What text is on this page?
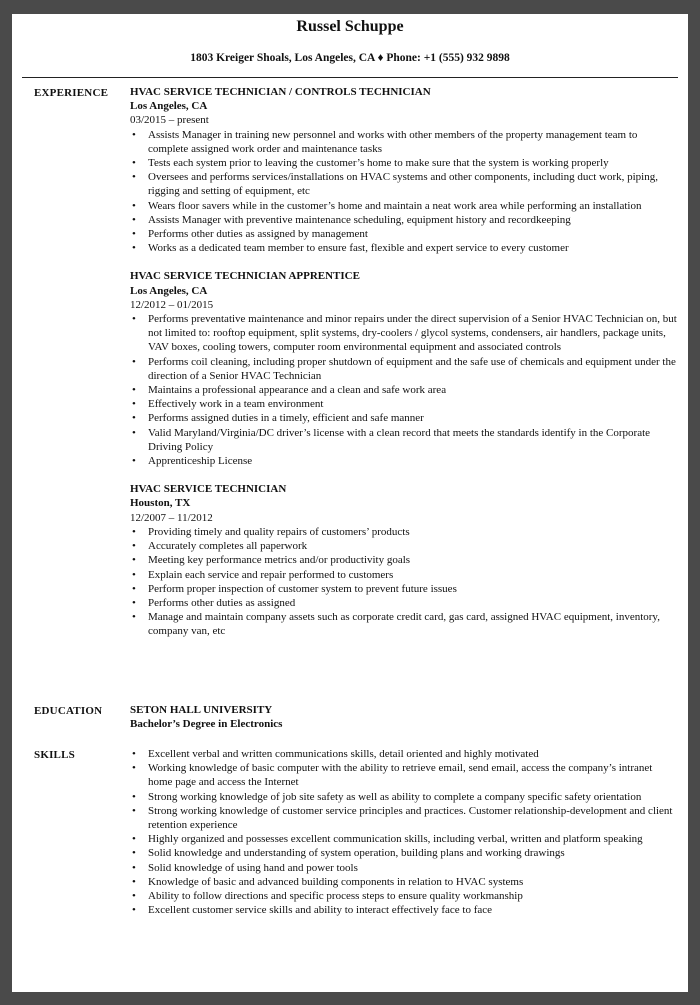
Russel Schuppe
1803 Kreiger Shoals, Los Angeles, CA ♦ Phone: +1 (555) 932 9898
EXPERIENCE HVAC SERVICE TECHNICIAN / CONTROLS TECHNICIAN
Los Angeles, CA
03/2015 – present
• Assists Manager in training new personnel and works with other members of the property management team to complete assigned work order and maintenance tasks
• Tests each system prior to leaving the customer’s home to make sure that the system is working properly
• Oversees and performs services/installations on HVAC systems and other components, including duct work, piping, rigging and setting of equipment, etc
• Wears floor savers while in the customer’s home and maintain a neat work area while performing an installation
• Assists Manager with preventive maintenance scheduling, equipment history and recordkeeping
• Performs other duties as assigned by management
• Works as a dedicated team member to ensure fast, flexible and expert service to every customer
HVAC SERVICE TECHNICIAN APPRENTICE
Los Angeles, CA
12/2012 – 01/2015
• Performs preventative maintenance and minor repairs under the direct supervision of a Senior HVAC Technician on, but not limited to: rooftop equipment, split systems, dry-coolers / glycol systems, condensers, air handlers, package units, VAV boxes, cooling towers, computer room environmental equipment and associated controls
• Performs coil cleaning, including proper shutdown of equipment and the safe use of chemicals and equipment under the direction of a Senior HVAC Technician
• Maintains a professional appearance and a clean and safe work area
• Effectively work in a team environment
• Performs assigned duties in a timely, efficient and safe manner
• Valid Maryland/Virginia/DC driver’s license with a clean record that meets the standards identify in the Corporate Driving Policy
• Apprenticeship License
HVAC SERVICE TECHNICIAN
Houston, TX
12/2007 – 11/2012
• Providing timely and quality repairs of customers’ products
• Accurately completes all paperwork
• Meeting key performance metrics and/or productivity goals
• Explain each service and repair performed to customers
• Perform proper inspection of customer system to prevent future issues
• Performs other duties as assigned
• Manage and maintain company assets such as corporate credit card, gas card, assigned HVAC equipment, inventory, company van, etc
EDUCATION	SETON HALL UNIVERSITY
Bachelor’s Degree in Electronics
SKILLS
•	Excellent verbal and written communications skills, detail oriented and highly motivated
• Working knowledge of basic computer with the ability to retrieve email, send email, access the company’s intranet home page and access the Internet
• Strong working knowledge of job site safety as well as ability to complete a company specific safety orientation
• Strong working knowledge of customer service principles and practices. Customer relationship-development and client retention experience
• Highly organized and possesses excellent communication skills, including verbal, written and platform speaking
• Solid knowledge and understanding of system operation, building plans and working drawings
• Solid knowledge of using hand and power tools
• Knowledge of basic and advanced building components in relation to HVAC systems
• Ability to follow directions and specific process steps to ensure quality workmanship
• Excellent customer service skills and ability to interact effectively face to face
